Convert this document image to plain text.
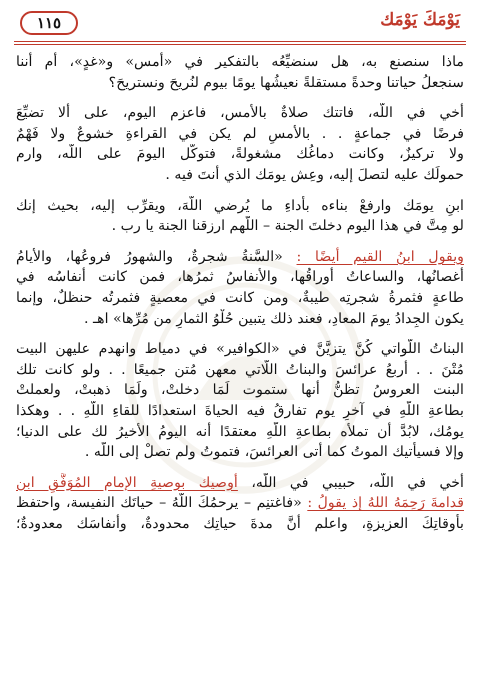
١١٥	يَوْمَكَ يَوْمَك

ماذا سنصنع به، هل سنضيِّعُه بالتفكير في «أمس» و«غدٍ»، أم أننا
سنجعلُ حياتنا وحدةً مستقلةً نعيشُها يومًا بيوم لنُريحَ ونستريحَ؟

أخي في اللّه، فاتتك صلاةٌ بالأمس، فاعزم اليوم، على ألا تضيِّعَ
فرضًا في جماعةٍ . . بالأمسِ لم يكن في القراءةِ خشوعٌ ولا فَهْمٌ
ولا تركيزٌ، وكانت دماغُك مشغولةً، فتوكَّل اليومَ على اللّه، وارم
حمولَك عليه لتصلَ إليه، وعِش يومَك الذي أنتَ فيه .

ابنِ يومَك وارفعْ بناءه بأداءِ ما يُرضي اللّهَ، ويقرِّب إليه، بحيث إنك
لو مِتَّ في هذا اليوم دخلتَ الجنة – اللّهم ارزقنا الجنة يا رب .

ويقول ابنُ القيم أيضًا : «السَّنةُ شجرةٌ، والشهورُ فروعُها، والأيامُ
أغصانُها، والساعاتُ أوراقُها، والأنفاسُ ثمرُها، فمن كانت أنفاسُه في
طاعةٍ فثمرةُ شجرتِه طيبةٌ، ومن كانت في معصيةٍ فثمرتُه حنظلٌ، وإنما
يكون الجِدادُ يومَ المعادِ، فعند ذلك يتبين حُلْوُ الثمارِ من مُرِّها» اهـ .

البناتُ اللَّواتي كُنَّ يتزيَّنَّ في «الكوافير» في دمياط وانهدم عليهن البيت
مُتْنَ . . أربعُ عرائسَ والبناتُ اللَّاتي معهن مُتن جميعًا . . ولو كانت تلك
البنت العروسُ تظنُّ أنها ستموت لَمَا دخلتْ، ولَمَا ذهبتْ، ولعملتْ
بطاعةِ اللّهِ في آخرِ يوم تفارقُ فيه الحياةَ استعدادًا للقاءِ اللّهِ . . وهكذا
يومُك، لابُدَّ أن تملأه بطاعةِ اللّهِ معتقدًا أنه اليومُ الأخيرُ لك على الدنيا؛
وإلا فسيأتيك الموتُ كما أتى العرائسَ، فتموتُ ولم تصلْ إلى اللّه .

أخي في اللّه، حبيبي في اللّه، أوصيك بوصيةِ الإمام المُوَفَّقِ ابن
قدامةَ رَحِمَهُ اللهُ إذ يقولُ : «فاغتنِم – يرحمُكَ اللّهُ – حياتَك النفيسة، واحتفظ
بأوقاتِكَ العزيزةِ، واعلم أنَّ مدةَ حياتِك محدودةٌ، وأنفاسَك معدودةٌ؛
